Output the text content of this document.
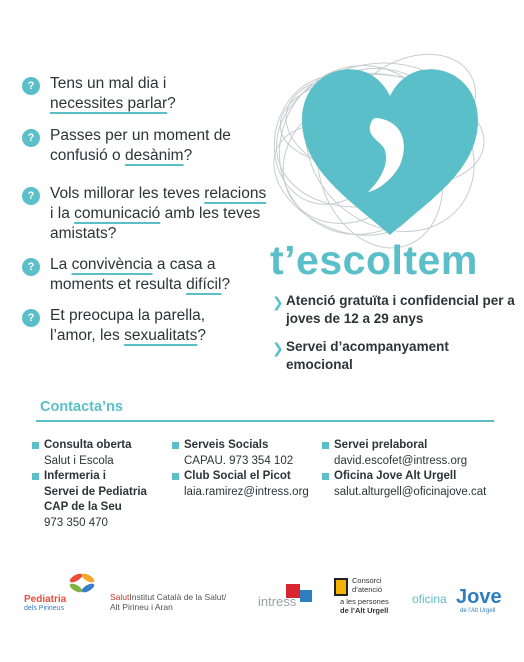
?	Tens un mal dia i
necessites parlar?
?	Passes per un moment de
confusió o desànim?
?	Vols millorar les teves relacions
i la comunicació amb les teves
amistats?
?	La convivència a casa a
moments et resulta difícil?
?	Et preocupa la parella,
l’amor, les sexualitats?
t’escoltem
❯ Atenció gratuïta i confidencial per a joves de 12 a 29 anys
❯ Servei d’acompanyament emocional
Contacta’ns
Consulta oberta
Salut i Escola
Infermeria i
Servei de Pediatria
CAP de la Seu
973 350 470
Serveis Socials
CAPAU. 973 354 102
Club Social el Picot
laia.ramirez@intress.org
Servei prelaboral
david.escofet@intress.org
Oficina Jove Alt Urgell
salut.alturgell@oficinajove.cat
Pediatria
dels Pirineus
SalutInstitut Català de la Salut/
Alt Pirineu i Aran	intress
Consorci
d’atenció
a les persones
de l’Alt Urgell
oficina Jove
de l’Alt Urgell
